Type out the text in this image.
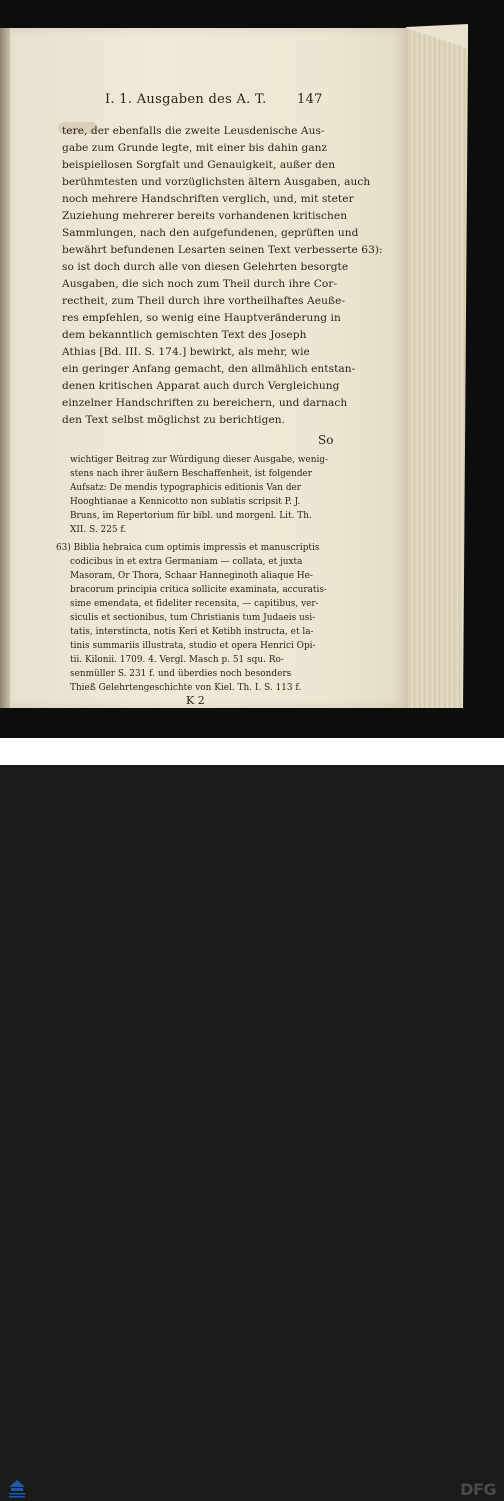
I. 1. Ausgaben des A. T. 147
tere, der ebenfalls die zweite Leusdenische Aus-
gabe zum Grunde legte, mit einer bis dahin ganz
beispiellosen Sorgfalt und Genauigkeit, außer den
berühmtesten und vorzüglichsten ältern Ausgaben, auch
noch mehrere Handschriften verglich, und, mit steter
Zuziehung mehrerer bereits vorhandenen kritischen
Sammlungen, nach den aufgefundenen, geprüften und
bewährt befundenen Lesarten seinen Text verbesserte 63):
so ist doch durch alle von diesen Gelehrten besorgte
Ausgaben, die sich noch zum Theil durch ihre Cor-
rectheit, zum Theil durch ihre vortheilhaftes Aeuße-
res empfehlen, so wenig eine Hauptveränderung in
dem bekanntlich gemischten Text des Joseph
Athias [Bd. III. S. 174.] bewirkt, als mehr, wie
ein geringer Anfang gemacht, den allmählich entstan-
denen kritischen Apparat auch durch Vergleichung
einzelner Handschriften zu bereichern, und darnach
den Text selbst möglichst zu berichtigen.
So
wichtiger Beitrag zur Würdigung dieser Ausgabe, wenig-
stens nach ihrer äußern Beschaffenheit, ist folgender
Aufsatz: De mendis typographicis editionis Van der
Hooghtianae a Kennicotto non sublatis scripsit P. J.
Bruns, im Repertorium für bibl. und morgenl. Lit. Th.
XII. S. 225 f.
63) Biblia hebraica cum optimis impressis et manuscriptis
codicibus in et extra Germaniam — collata, et juxta
Masoram, Or Thora, Schaar Hanneginoth aliaque He-
bracorum principia critica sollicite examinata, accuratis-
sime emendata, et fideliter recensita, — capitibus, ver-
siculis et sectionibus, tum Christianis tum Judaeis usi-
tatis, interstincta, notis Keri et Ketibh instructa, et la-
tinis summariis illustrata, studio et opera Henrici Opi-
tii. Kilonii. 1709. 4. Vergl. Masch p. 51 squ. Ro-
senmüller S. 231 f. und überdies noch besonders
Thieß Gelehrtengeschichte von Kiel. Th. I. S. 113 f.
K 2
DFG
